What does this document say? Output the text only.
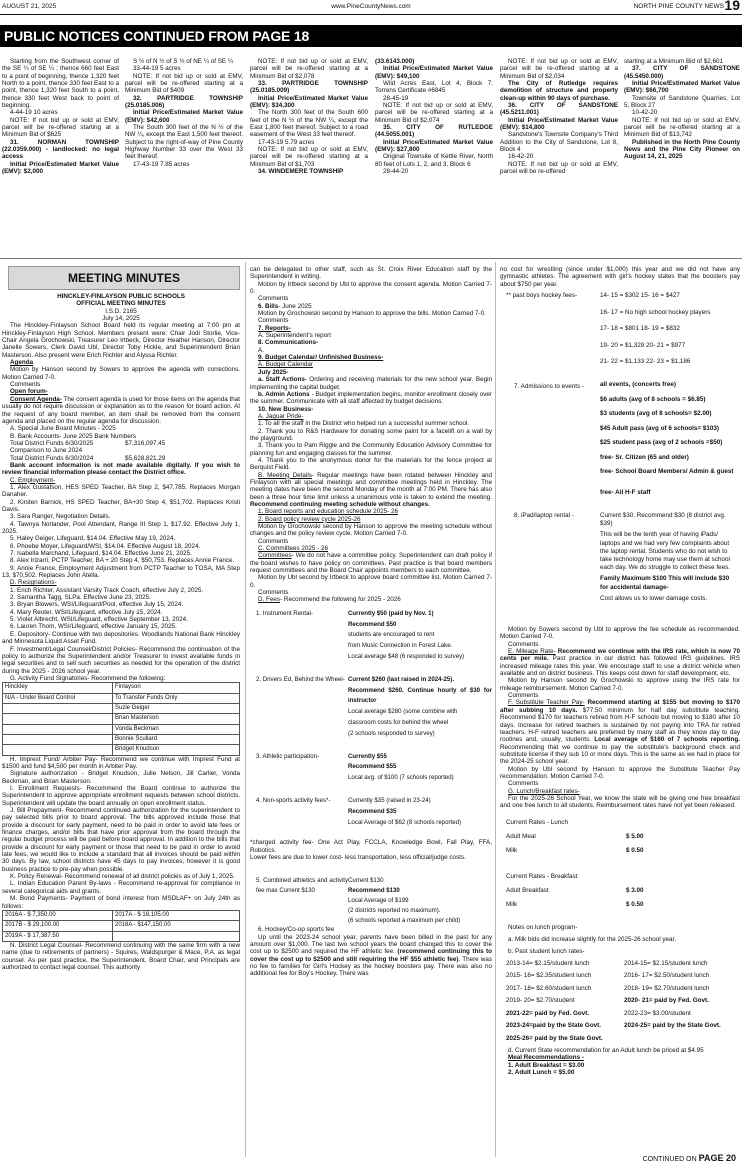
AUGUST 21, 2025	www.PineCountyNews.com	NORTH PINE COUNTY NEWS 19
PUBLIC NOTICES CONTINUED FROM PAGE 18

Starting from the Southwest corner of the SE ¼ of SE ¼ ; thence 660 feet East to a point of beginning, thence 1,320 feet North to a point, thence 330 feet East to a point, thence 1,320 feet South to a point, thence 330 feet West back to point of beginning.

4-44-19 10 acres

NOTE: If not bid up or sold at EMV, parcel will be re-offered starting at a Minimum Bid of $625

31. NORMAN TOWNSHIP (22.0359.000) - landlocked: no legal access

Initial Price/Estimated Market Value (EMV): $2,000

S ½ of N ½ of S ½ of NE ¼ of SE ¼

33-44-19 5 acres

NOTE: If not bid up or sold at EMV, parcel will be re-offered starting at a Minimum Bid of $409

32. PARTRIDGE TOWNSHIP (25.0185.006)

Initial Price/Estimated Market Value (EMV): $42,600

The South 300 feet of the N ½ of the NW ¼, except the East 1,500 feet thereof. Subject to the right-of-way of Pine County Highway Number 33 over the West 33 feet thereof.

17-43-19 7.85 acres

NOTE: If not bid up or sold at EMV, parcel will be re-offered starting at a Minimum Bid of $2,078

33. PARTRIDGE TOWNSHIP (25.0185.009)

Initial Price/Estimated Market Value (EMV): $34,300

The North 300 feet of the South 600 feet of the N ½ of the NW ¼, except the East 1,800 feet thereof. Subject to a road easement of the West 33 feet thereof.

17-43-19 5.79 acres

NOTE: If not bid up or sold at EMV, parcel will be re-offered starting at a Minimum Bid of $1,703

34. WINDEMERE TOWNSHIP

(33.6143.000)

Initial Price/Estimated Market Value (EMV): $49,100

Wild Acres East, Lot 4, Block 7. Torrens Certificate #6845

28-45-19

NOTE: If not bid up or sold at EMV, parcel will be re-offered starting at a Minimum Bid of $2,074

35. CITY OF RUTLEDGE (44.5055.001)

Initial Price/Estimated Market Value (EMV): $27,800

Original Townsite of Kettle River, North 80 feet of Lots 1, 2, and 3, Block 6

28-44-20

NOTE: If not bid up or sold at EMV, parcel will be re-offered starting at a Minimum Bid of $2,034

The City of Rutledge requires demolition of structure and property clean-up within 90 days of purchase.

36. CITY OF SANDSTONE (45.5211.001)

Initial Price/Estimated Market Value (EMV): $14,800

Sandstone's Townsite Company's Third Addition to the City of Sandstone, Lot 8, Block 4

16-42-20

NOTE: If not bid up or sold at EMV, parcel will be re-offered

starting at a Minimum Bid of $2,601

37. CITY OF SANDSTONE (45.5450.000)

Initial Price/Estimated Market Value (EMV): $66,700

Townsite of Sandstone Quarries, Lot 5, Block 27

10-42-20

NOTE: If not bid up or sold at EMV, parcel will be re-offered starting at a Minimum Bid of $13,742

Published in the North Pine County News and the Pine City Pioneer on August 14, 21, 2025

MEETING MINUTES

HINCKLEY-FINLAYSON PUBLIC SCHOOLS

OFFICIAL MEETING MINUTES

I.S.D. 2165

July 14, 2025

The Hinckley-Finlayson School Board held its regular meeting at 7:00 pm at Hinckley-Finlayson High School. Members present were: Chair Jodi Storlie, Vice-Chair Angela Grochowski, Treasurer Leo Irtbeck, Director Heather Hanson, Director Janelle Sowers, Clerk David Ubl, Director Toby Hickle, and Superintendent Brian Masterson. Also present were Erich Richter and Alyssa Richter.

Agenda

Motion by Hanson second by Sowers to approve the agenda with corrections. Motion Carried 7-0.

Comments

Open forum-

Consent Agenda- The consent agenda is used for those items on the agenda that usually do not require discussion or explanation as to the reason for board action. At the request of any board member, an item shall be removed from the consent agenda and placed on the regular agenda for discussion.

A. Special June Board Minutes - 2025

B. Bank Accounts- June 2025 Bank Numbers

Total District Funds 6/30/2025	$7,316,097.45

Comparison to June 2024

Total District Funds 6/30/2024	$5,628,821.29

Bank account information is not made available digitally. If you wish to review financial information please contact the District office.

C. Employment-

1. Alex Gustafson, HES SPED Teacher, BA Step 2, $47,785. Replaces Morgan Danaher.

2. Kirsten Barnick, HS SPED Teacher, BA+30 Step 4, $51,702. Replaces Kristi Davis.

3. Sara Ranger, Negotiation Details.

4. Tawnya Norlander, Pool Attendant, Range III Step 1, $17.92. Effective July 1, 2025.

5. Haley Geiger, Lifeguard, $14.04. Effective May 19, 2024.

6. Phoebe Moyer, Lifeguard/WSI, $14.04. Effective August 18, 2024.

7. Isabella Marchand, Lifeguard, $14.04. Effective June 21, 2025.

8. Alex Irizarri, PCTP Teacher, BA + 20 Step 4, $50,753. Replaces Annie France.

9. Annie France, Employment Adjustment from PCTP Teacher to TOSA, MA Step 13, $70,502. Replaces John Atella.

D. Resignations-

1. Erich Richter, Assistant Varsity Track Coach, effective July 2, 2025.

2. Samantha Tagg, SLPa. Effective June 23, 2025.

3. Bryan Blowers, WSI/Lifeguard/Pool, effective July 15, 2024.

4. Mary Reuter, WSI/Lifeguard, effective July 15, 2024.

5. Violet Albrecht, WSI/Lifeguard, effective September 13, 2024.

6. Lauren Thom, WSI/Lifeguard, effective January 15, 2025.

E. Depository- Continue with two depositories. Woodlands National Bank Hinckley and Minnesota Liquid Asset Fund.

F. Investment/Legal Counsel/District Policies- Recommend the continuation of the policy to authorize the Superintendent and/or Treasurer to invest available funds in legal securities and to sell such securities as needed for the operation of the district during the 2025 - 2026 school year.

G. Activity Fund Signatories- Recommend the following:

Hinckley	Finlayson
N/A - Under Board Control	To Transfer Funds Only
	Suzie Geiger
	Brian Masterson
	Vonda Beckman
	Bonnie Scullard
	Bridget Knudson

H. Imprest Fund/ Arbiter Pay- Recommend we continue with Imprest Fund at $1500 and fund $4,500 per month in Arbiter Pay.

Signature authorization - Bridget Knudson, Julie Nelson, Jill Carlier, Vonda Beckman, and Brian Masterson.

I. Enrollment Requests- Recommend the Board continue to authorize the Superintendent to approve appropriate enrollment requests between school districts. Superintendent will update the board annually on open enrollment status.

J. Bill Prepayment- Recommend continued authorization for the superintendent to pay selected bills prior to board approval. The bills approved include those that provide a discount for early payment, need to be paid in order to avoid late fees or finance charges, and/or bills that have prior approval from the board through the regular budget process will be paid before board approval. In addition to the bills that provide a discount for early payment or those that need to be paid in order to avoid late fees, we would like to include a standard that all invoices should be paid within 30 days. By law, school districts have 45 days to pay invoices, however it is good business practice to pre-pay when possible.

K. Policy Renewal- Recommend renewal of all district policies as of July 1, 2025.

L. Indian Education Parent By-laws - Recommend re-approval for compliance in several categorical aids and grants.

M. Bond Payments- Payment of bond interest from MSDLAF+ on July 24th as follows:

2016A - $ 7,350.00	2017A - $ 18,105.00
2017B - $ 29,100.00	2018A - $147,150.00
2019A - $ 17,387.50	

N. District Legal Counsel- Recommend continuing with the same firm with a new name (due to retirements of partners) - Squires, Waldspurger & Mace, P.A. as legal counsel. As per past practice, the Superintendent, Board Chair, and Principals are authorized to contact legal counsel. This authority

can be delegated to other staff, such as St. Croix River Education staff by the Superintendent in writing.

Motion by Irtbeck second by Ubl to approve the consent agenda. Motion Carried 7-0.

Comments

6. Bills- June 2025

Motion by Grochowski second by Hanson to approve the bills. Motion Carried 7-0.

Comments

7. Reports-

A. Superintendent's report

8. Communications-

A.

9. Budget Calendar/ Unfinished Business-

A. Budget Calendar

July 2025-

a. Staff Actions- Ordering and receiving materials for the new school year. Begin implementing the capital budget.

b. Admin Actions - Budget implementation begins, monitor enrollment closely over the summer. Communicate with all staff affected by budget decisions.

10. New Business-

A. Jaguar Pride-

1. To all the staff in the District who helped run a successful summer school.

2. Thank you to R&S Hardware for donating some paint for a facelift on a wall by the playground.

3. Thank you to Pam Riggle and the Community Education Advisory Committee for planning fun and engaging classes for the summer.

4. Thank you to the anonymous donor for the materials for the fence project at Berquist Field.

B. Meeting Details- Regular meetings have been rotated between Hinckley and Finlayson with all special meetings and committee meetings held in Hinckley. The meeting dates have been the second Monday of the month at 7:00 PM. There has also been a three hour time limit unless a unanimous vote is taken to extend the meeting. Recommend continuing meeting schedule without changes.

1. Board reports and education schedule 2025- 26

2. Board policy review cycle 2025-26

Motion by Grochowski second by Hanson to approve the meeting schedule without changes and the policy review cycle. Motion Carried 7-0.

Comments

C. Committees 2025 - 26

Committees- We do not have a committee policy. Superintendent can draft policy if the board wishes to have policy on committees. Past practice is that board members request committees and the Board Chair appoints members to each committee.

Motion by Ubl second by Irtbeck to approve board committee list. Motion Carried 7-0.

Comments

D. Fees- Recommend the following for 2025 - 2026

1. Instrument Rental-	Currently $50 (paid by Nov. 1)
Recommend $50
students are encouraged to rent
from Music Connection in Forest Lake.
Local average $48 (6 responded to survey)

2. Drivers Ed, Behind the Wheel-	Current $260 (last raised in 2024-25).
Recommend $260. Continue hourly of $30 for instructor
Local average $280 (some combine with
classroom costs for behind the wheel
(2 schools responded to survey)

3. Athletic participation-	Currently $55
Recommend $55
Local avg. of $100 (7 schools reported)

4. Non-sports activity fees*-	Currently $35 (raised in 23-24)
Recommend $35
Local Average of $62 (8 schools reported)

*charged activity fee- One Act Play, FCCLA, Knowledge Bowl, Fall Play, FFA, Robotics.

Lower fees are due to lower cost- less transportation, less official/judge costs.

5. Combined athletics and activity fee max Current $130	
Current $130
Recommend $130
Local Average of $199
(2 districts reported no maximum).
(6 schools reported a maximum per child)

6. Hockey/Co-op sports fee

Up until the 2023-24 school year, parents have been billed in the past for any amount over $1,000. The last two school years the board changed this to cover the cost up to $2500 and required the HF athletic fee. (recommend continuing this to cover the cost up to $2500 and still requiring the HF $55 athletic fee). There was no fee to families for Girl's Hockey as the hockey boosters pay. There was also no additional fee for Boy's Hockey. There was

no cost for wrestling (since under $1,000) this year and we did not have any gymnastic athletes. The agreement with girl's hockey states that the boosters pay about $750 per year.

** past boys hockey fees-	14- 15 = $302 15- 16 = $427
16- 17 = No high school hockey players
17- 18 = $801 18- 19 = $832
19- 20 = $1,329 20- 21 = $977
21- 22 = $1,133 22- 23 = $1,186
7. Admissions to events -	all events, (concerts free)
$6 adults (avg of 8 schools = $6.85)
$3 students (avg of 8 schools= $2.00)
$45 Adult pass (avg of 6 schools= $103)
$25 student pass (avg of 2 schools =$50)
free- Sr. Citizen (65 and older)
free- School Board Members/ Admin & guest
free- All H-F staff
8. iPad/laptop rental -	Current $30. Recommend $30 (8 district avg. $39)

This will be the tenth year of having iPads/ laptops and we had very few complaints about the laptop rental. Students who do not wish to take technology home may use them at school each day. We do struggle to collect these fees.

Family Maximum $100 This will include $30 for accidental damage-

Cost allows us to lower damage costs.

Motion by Sowers second by Ubl to approve the fee schedule as recommended. Motion Carried 7-0.

Comments

E. Mileage Rate- Recommend we continue with the IRS rate, which is now 70 cents per mile. Past practice in our district has followed IRS guidelines. IRS increased mileage rates this year. We encourage staff to use a district vehicle when available and on district business. This keeps cost down for staff development, etc.

Motion by Hanson second by Grochowski to approve using the IRS rate for mileage reimbursement. Motion Carried 7-0.

Comments

F. Substitute Teacher Pay- Recommend starting at $155 but moving to $170 after subbing 10 days. $77.50 minimum for half day substitute teaching. Recommend $170 for teachers retired from H-F schools but moving to $180 after 10 days. Increase for retired teachers is sustained by not paying into TRA for retired teachers. H-F retired teachers are preferred by many staff as they know day to day routines and, usually, students. Local average of $160 of 7 schools reporting. Recommending that we continue to pay the substitute's background check and substitute license if they sub 10 or more days. This is the same as we had in place for the 2024-25 school year.

Motion by Ubl second by Hanson to approve the Substitute Teacher Pay recommendation. Motion Carried 7-0.

Comments

G. Lunch/Breakfast rates-

For the 2025-26 School Year, we know the state will be giving one free breakfast and one free lunch to all students. Reimbursement rates have not yet been released.

Current Rates - Lunch
Adult Meal	$ 5.00
Milk	$ 0.50
Current Rates - Breakfast
Adult Breakfast	$ 3.00
Milk	$ 0.50

Notes on lunch program-

a. Milk bids did increase slightly for the 2025-26 school year.

b. Past student lunch rates-

2013-14= $2.15/student lunch	2014-15= $2.15/student lunch
2015- 16= $2.35/student lunch	2016- 17= $2.50/student lunch
2017- 18= $2.60/student lunch	2018- 19= $2.70/student lunch
2019- 20= $2.70/student	2020- 21= paid by Fed. Govt.
2021-22= paid by Fed. Govt.	2022-23= $3.00/student
2023-24=paid by the State Govt.	2024-25= paid by the State Govt.
2025-26= paid by the State Govt.

d. Current State recommendation for an Adult lunch be priced at $4.95

Meal Recommendations -

1. Adult Breakfast = $3.00

2. Adult Lunch = $5.00

CONTINUED ON PAGE 20
